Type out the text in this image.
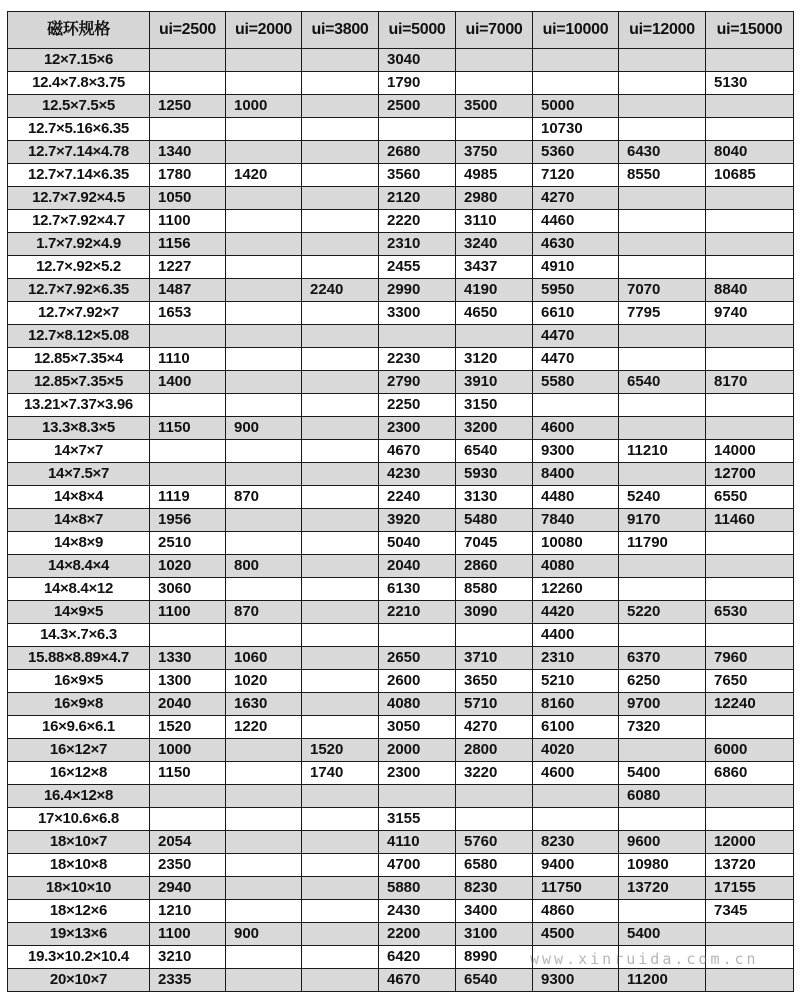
磁环规格	ui=2500	ui=2000	ui=3800	ui=5000	ui=7000	ui=10000	ui=12000	ui=15000
12×7.15×6				3040				
12.4×7.8×3.75				1790				5130
12.5×7.5×5	1250	1000		2500	3500	5000		
12.7×5.16×6.35						10730		
12.7×7.14×4.78	1340			2680	3750	5360	6430	8040
12.7×7.14×6.35	1780	1420		3560	4985	7120	8550	10685
12.7×7.92×4.5	1050			2120	2980	4270		
12.7×7.92×4.7	1100			2220	3110	4460		
1.7×7.92×4.9	1156			2310	3240	4630		
12.7×.92×5.2	1227			2455	3437	4910		
12.7×7.92×6.35	1487		2240	2990	4190	5950	7070	8840
12.7×7.92×7	1653			3300	4650	6610	7795	9740
12.7×8.12×5.08						4470		
12.85×7.35×4	1110			2230	3120	4470		
12.85×7.35×5	1400			2790	3910	5580	6540	8170
13.21×7.37×3.96				2250	3150			
13.3×8.3×5	1150	900		2300	3200	4600		
14×7×7				4670	6540	9300	11210	14000
14×7.5×7				4230	5930	8400		12700
14×8×4	1119	870		2240	3130	4480	5240	6550
14×8×7	1956			3920	5480	7840	9170	11460
14×8×9	2510			5040	7045	10080	11790	
14×8.4×4	1020	800		2040	2860	4080		
14×8.4×12	3060			6130	8580	12260		
14×9×5	1100	870		2210	3090	4420	5220	6530
14.3×.7×6.3						4400		
15.88×8.89×4.7	1330	1060		2650	3710	2310	6370	7960
16×9×5	1300	1020		2600	3650	5210	6250	7650
16×9×8	2040	1630		4080	5710	8160	9700	12240
16×9.6×6.1	1520	1220		3050	4270	6100	7320	
16×12×7	1000		1520	2000	2800	4020		6000
16×12×8	1150		1740	2300	3220	4600	5400	6860
16.4×12×8							6080	
17×10.6×6.8				3155				
18×10×7	2054			4110	5760	8230	9600	12000
18×10×8	2350			4700	6580	9400	10980	13720
18×10×10	2940			5880	8230	11750	13720	17155
18×12×6	1210			2430	3400	4860		7345
19×13×6	1100	900		2200	3100	4500	5400	
19.3×10.2×10.4	3210			6420	8990			
20×10×7	2335			4670	6540	9300	11200	
www.xinruida.com.cn
